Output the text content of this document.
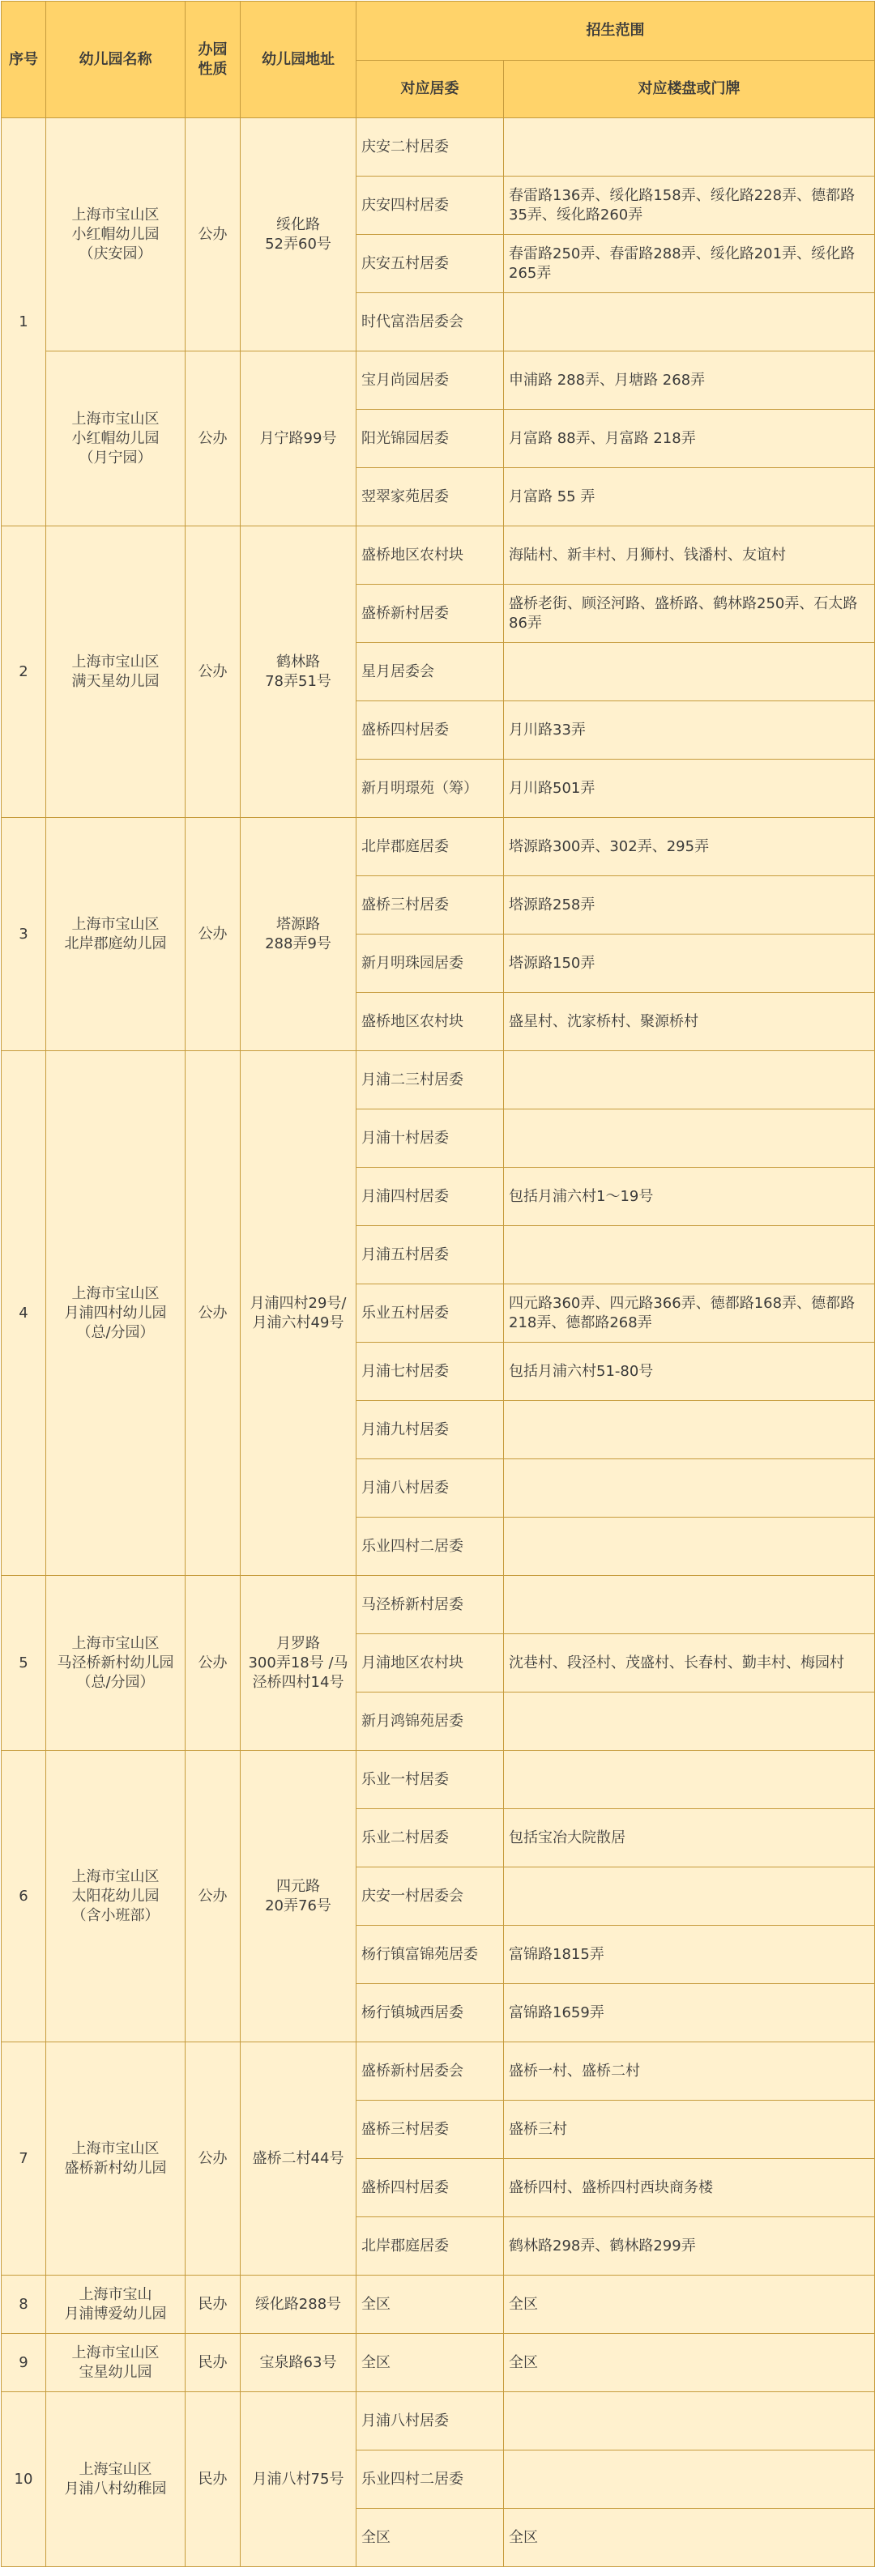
序号	幼儿园名称	办园
性质	幼儿园地址	招生范围	
				对应居委	对应楼盘或门牌
1	上海市宝山区
小红帽幼儿园
（庆安园）	公办	绥化路
52弄60号	庆安二村居委	
				庆安四村居委	春雷路136弄、绥化路158弄、绥化路228弄、德都路35弄、绥化路260弄
				庆安五村居委	春雷路250弄、春雷路288弄、绥化路201弄、绥化路265弄
				时代富浩居委会	
	上海市宝山区
小红帽幼儿园
（月宁园）	公办	月宁路99号	宝月尚园居委	申浦路 288弄、月塘路 268弄
				阳光锦园居委	月富路 88弄、月富路 218弄
				翌翠家苑居委	月富路 55 弄
2	上海市宝山区
满天星幼儿园	公办	鹤林路
78弄51号	盛桥地区农村块	海陆村、新丰村、月狮村、钱潘村、友谊村
				盛桥新村居委	盛桥老街、顾泾河路、盛桥路、鹤林路250弄、石太路86弄
				星月居委会	
				盛桥四村居委	月川路33弄
				新月明璟苑（筹）	月川路501弄
3	上海市宝山区
北岸郡庭幼儿园	公办	塔源路
288弄9号	北岸郡庭居委	塔源路300弄、302弄、295弄
				盛桥三村居委	塔源路258弄
				新月明珠园居委	塔源路150弄
				盛桥地区农村块	盛星村、沈家桥村、聚源桥村
4	上海市宝山区
月浦四村幼儿园
（总/分园）	公办	月浦四村29号/
月浦六村49号	月浦二三村居委	
				月浦十村居委	
				月浦四村居委	包括月浦六村1～19号
				月浦五村居委	
				乐业五村居委	四元路360弄、四元路366弄、德都路168弄、德都路218弄、德都路268弄
				月浦七村居委	包括月浦六村51-80号
				月浦九村居委	
				月浦八村居委	
				乐业四村二居委	
5	上海市宝山区
马泾桥新村幼儿园
（总/分园）	公办	月罗路
300弄18号 /马
泾桥四村14号	马泾桥新村居委	
				月浦地区农村块	沈巷村、段泾村、茂盛村、长春村、勤丰村、梅园村
				新月鸿锦苑居委	
6	上海市宝山区
太阳花幼儿园
（含小班部）	公办	四元路
20弄76号	乐业一村居委	
				乐业二村居委	包括宝冶大院散居
				庆安一村居委会	
				杨行镇富锦苑居委	富锦路1815弄
				杨行镇城西居委	富锦路1659弄
7	上海市宝山区
盛桥新村幼儿园	公办	盛桥二村44号	盛桥新村居委会	盛桥一村、盛桥二村
				盛桥三村居委	盛桥三村
				盛桥四村居委	盛桥四村、盛桥四村西块商务楼
				北岸郡庭居委	鹤林路298弄、鹤林路299弄
8	上海市宝山
月浦博爱幼儿园	民办	绥化路288号	全区	全区
9	上海市宝山区
宝星幼儿园	民办	宝泉路63号	全区	全区
10	上海宝山区
月浦八村幼稚园	民办	月浦八村75号	月浦八村居委	
				乐业四村二居委	
				全区	全区
